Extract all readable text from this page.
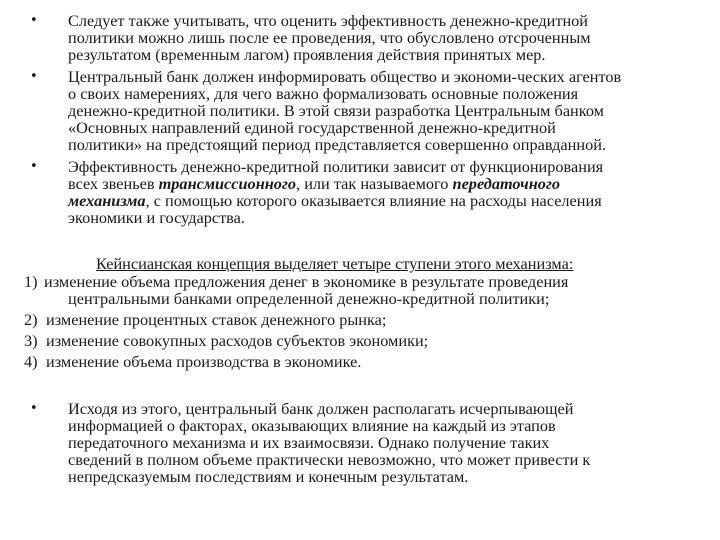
• Следует также учитывать, что оценить эффективность денежно-кредитной
политики можно лишь после ее проведения, что обусловлено отсроченным
результатом (временным лагом) проявления действия принятых мер.
• Центральный банк должен информировать общество и экономи-ческих агентов
о своих намерениях, для чего важно формализовать основные положения
денежно-кредитной политики. В этой связи разработка Центральным банком
«Основных направлений единой государственной денежно-кредитной
политики» на предстоящий период представляется совершенно оправданной.
• Эффективность денежно-кредитной политики зависит от функционирования
всех звеньев трансмиссионного, или так называемого передаточного
механизма, с помощью которого оказывается влияние на расходы населения
экономики и государства.
Кейнсианская концепция выделяет четыре ступени этого механизма:
1) изменение объема предложения денег в экономике в результате проведения
центральными банками определенной денежно-кредитной политики;
2) изменение процентных ставок денежного рынка;
3) изменение совокупных расходов субъектов экономики;
4) изменение объема производства в экономике.
• Исходя из этого, центральный банк должен располагать исчерпывающей
информацией о факторах, оказывающих влияние на каждый из этапов
передаточного механизма и их взаимосвязи. Однако получение таких
сведений в полном объеме практически невозможно, что может привести к
непредсказуемым последствиям и конечным результатам.
